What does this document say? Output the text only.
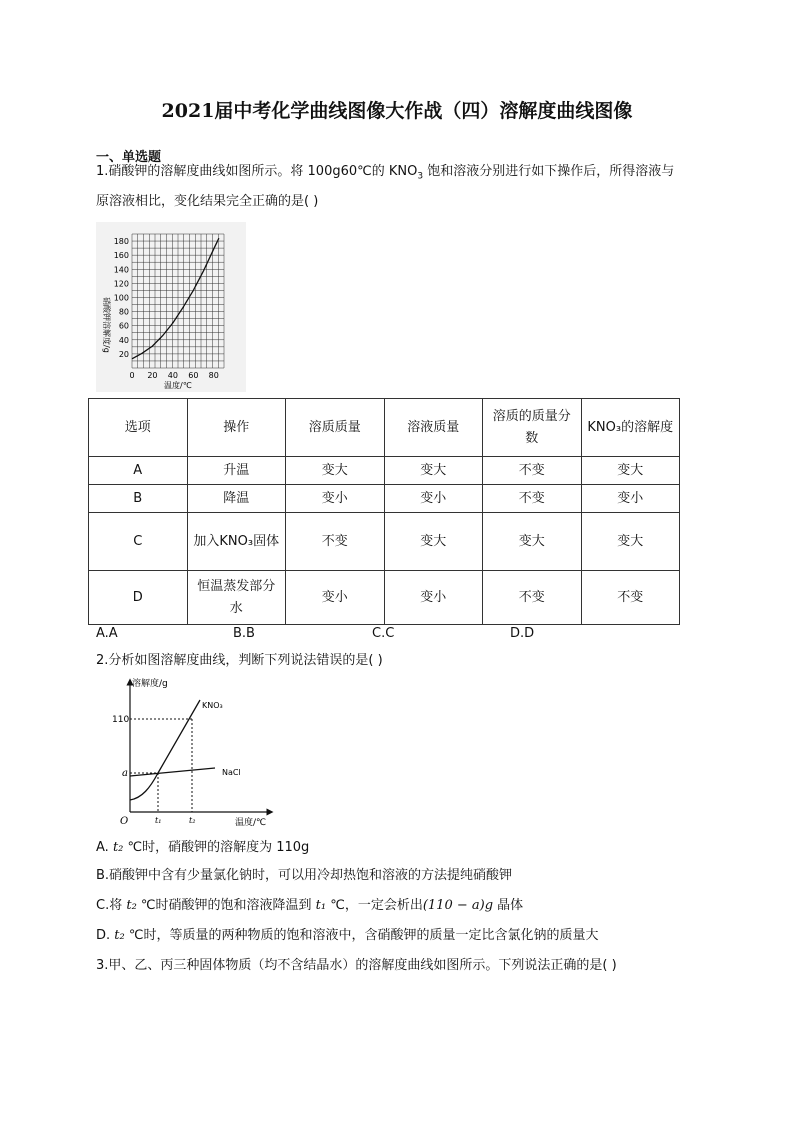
2021届中考化学曲线图像大作战（四）溶解度曲线图像
一、单选题
1.硝酸钾的溶解度曲线如图所示。将 100g60℃的 $KNO_3$ 饱和溶液分别进行如下操作后，所得溶液与
原溶液相比，变化结果完全正确的是( )
180
160
140
120
100
80
60
40
20
0 20 40 60 80
硝酸钾溶解度/g
温度/℃
选项	操作	溶质质量	溶液质量	溶质的质量分数	KNO₃的溶解度
A	升温	变大	变大	不变	变大
B	降温	变小	变小	不变	变小
C	加入KNO₃固体	不变	变大	变大	变大
D	恒温蒸发部分水	变小	变小	不变	不变
A.A	B.B	C.C	D.D
2.分析如图溶解度曲线，判断下列说法错误的是( )
溶解度/g
110
a
O	t₁	t₂	温度/℃
KNO₃
NaCl
A. t₂ ℃时，硝酸钾的溶解度为 110g
B.硝酸钾中含有少量氯化钠时，可以用冷却热饱和溶液的方法提纯硝酸钾
C.将 t₂ ℃时硝酸钾的饱和溶液降温到 t₁ ℃，一定会析出(110 − a)g 晶体
D. t₂ ℃时，等质量的两种物质的饱和溶液中，含硝酸钾的质量一定比含氯化钠的质量大
3.甲、乙、丙三种固体物质（均不含结晶水）的溶解度曲线如图所示。下列说法正确的是( )
